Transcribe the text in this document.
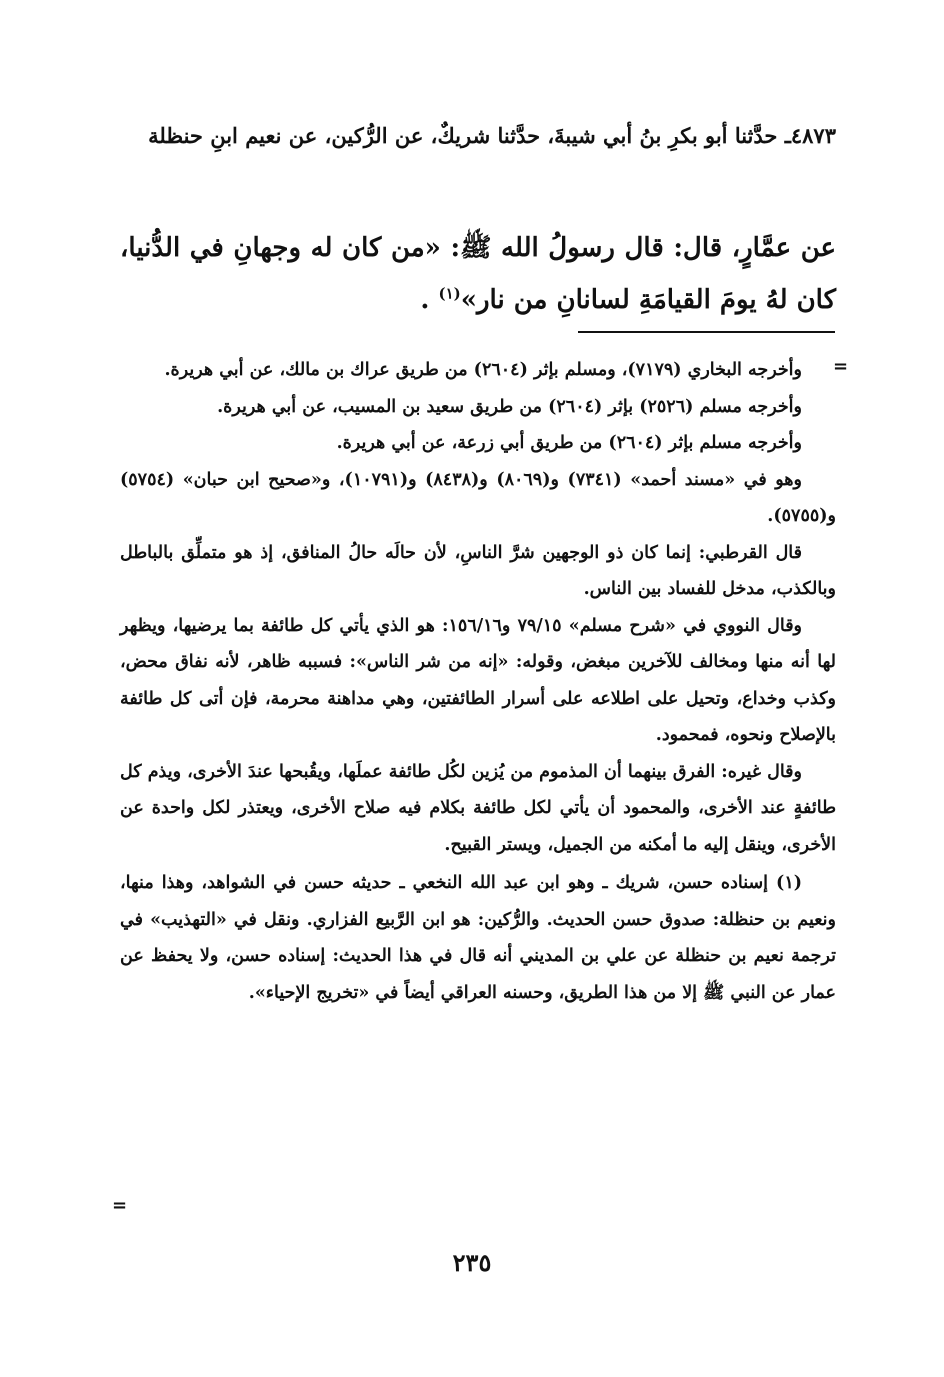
٤٨٧٣ـ حدَّثنا أبو بكرِ بنُ أبي شيبةَ، حدَّثنا شريكٌ، عن الرُّكين، عن نعيم ابنِ حنظلة

عن عمَّارٍ، قال: قال رسولُ الله ﷺ: «من كان له وجهانِ في الدُّنيا، كان لهُ يومَ القيامَةِ لسانانِ من نار»$^{(١)}$ .

=

وأخرجه البخاري (٧١٧٩)، ومسلم بإثر (٢٦٠٤) من طريق عراك بن مالك، عن أبي هريرة.

وأخرجه مسلم (٢٥٢٦) بإثر (٢٦٠٤) من طريق سعيد بن المسيب، عن أبي هريرة.

وأخرجه مسلم بإثر (٢٦٠٤) من طريق أبي زرعة، عن أبي هريرة.

وهو في «مسند أحمد» (٧٣٤١) و(٨٠٦٩) و(٨٤٣٨) و(١٠٧٩١)، و«صحيح ابن حبان» (٥٧٥٤) و(٥٧٥٥).

قال القرطبي: إنما كان ذو الوجهين شرَّ الناسِ، لأن حالَه حالُ المنافق، إذ هو متملِّق بالباطل وبالكذب، مدخل للفساد بين الناس.

وقال النووي في «شرح مسلم» ٧٩/١٥ و١٥٦/١٦: هو الذي يأتي كل طائفة بما يرضيها، ويظهر لها أنه منها ومخالف للآخرين مبغض، وقوله: «إنه من شر الناس»: فسببه ظاهر، لأنه نفاق محض، وكذب وخداع، وتحيل على اطلاعه على أسرار الطائفتين، وهي مداهنة محرمة، فإن أتى كل طائفة بالإصلاح ونحوه، فمحمود.

وقال غيره: الفرق بينهما أن المذموم من يُزين لكُل طائفة عملَها، ويقُبحها عندَ الأخرى، ويذم كل طائفةٍ عند الأخرى، والمحمود أن يأتي لكل طائفة بكلام فيه صلاح الأخرى، ويعتذر لكل واحدة عن الأخرى، وينقل إليه ما أمكنه من الجميل، ويستر القبيح.

(١) إسناده حسن، شريك ـ وهو ابن عبد الله النخعي ـ حديثه حسن في الشواهد، وهذا منها، ونعيم بن حنظلة: صدوق حسن الحديث. والرُّكين: هو ابن الرَّبيع الفزاري. ونقل في «التهذيب» في ترجمة نعيم بن حنظلة عن علي بن المديني أنه قال في هذا الحديث: إسناده حسن، ولا يحفظ عن عمار عن النبي ﷺ إلا من هذا الطريق، وحسنه العراقي أيضاً في «تخريج الإحياء».

=
٢٣٥
